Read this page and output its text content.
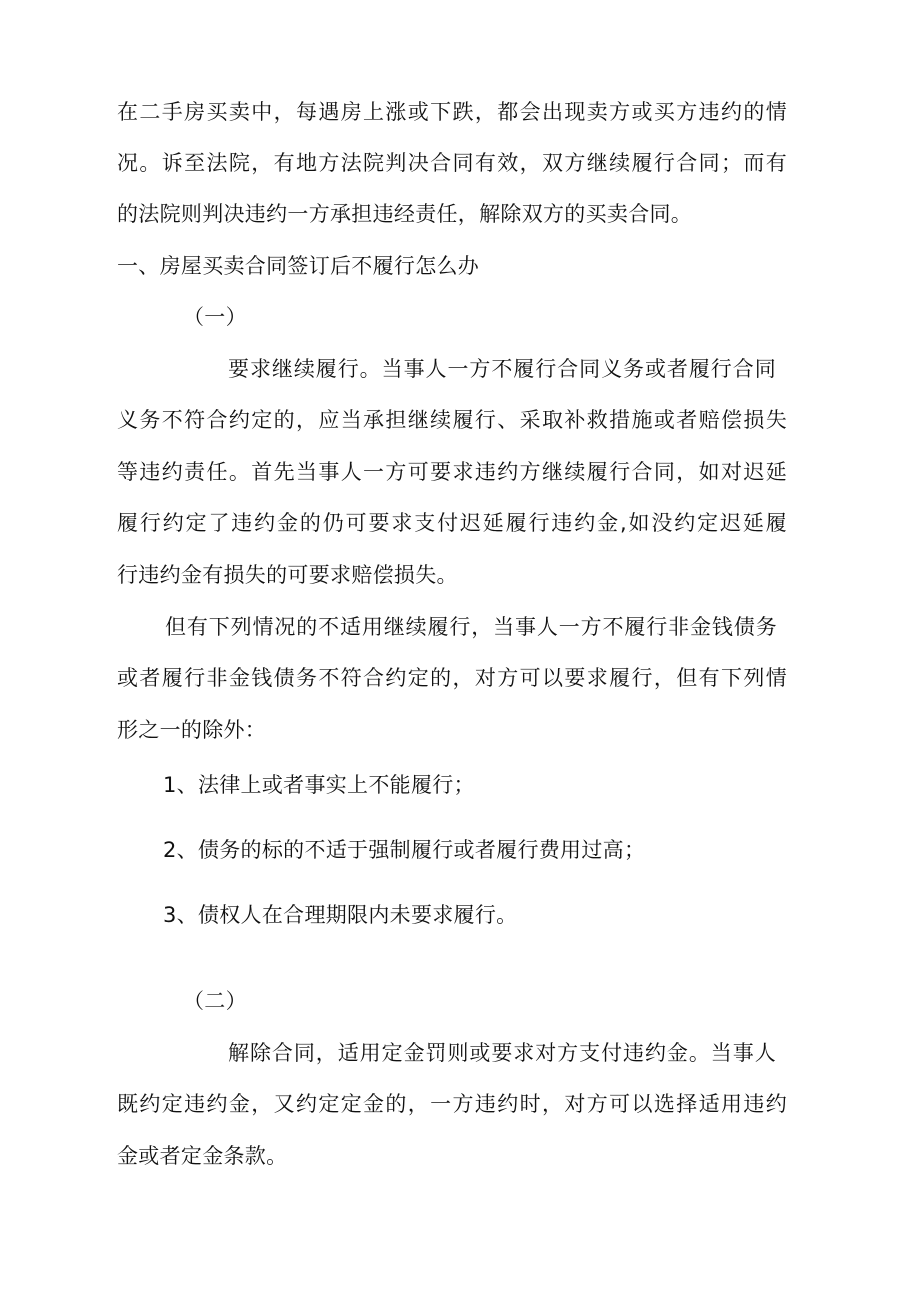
在二手房买卖中，每遇房上涨或下跌，都会出现卖方或买方违约的情
况。诉至法院，有地方法院判决合同有效，双方继续履行合同；而有
的法院则判决违约一方承担违经责任，解除双方的买卖合同。
一、房屋买卖合同签订后不履行怎么办
（一）
要求继续履行。当事人一方不履行合同义务或者履行合同
义务不符合约定的，应当承担继续履行、采取补救措施或者赔偿损失
等违约责任。首先当事人一方可要求违约方继续履行合同，如对迟延
履行约定了违约金的仍可要求支付迟延履行违约金,如没约定迟延履
行违约金有损失的可要求赔偿损失。
但有下列情况的不适用继续履行，当事人一方不履行非金钱债务
或者履行非金钱债务不符合约定的，对方可以要求履行，但有下列情
形之一的除外：
1、法律上或者事实上不能履行；
2、债务的标的不适于强制履行或者履行费用过高；
3、债权人在合理期限内未要求履行。
（二）
解除合同，适用定金罚则或要求对方支付违约金。当事人
既约定违约金，又约定定金的，一方违约时，对方可以选择适用违约
金或者定金条款。
